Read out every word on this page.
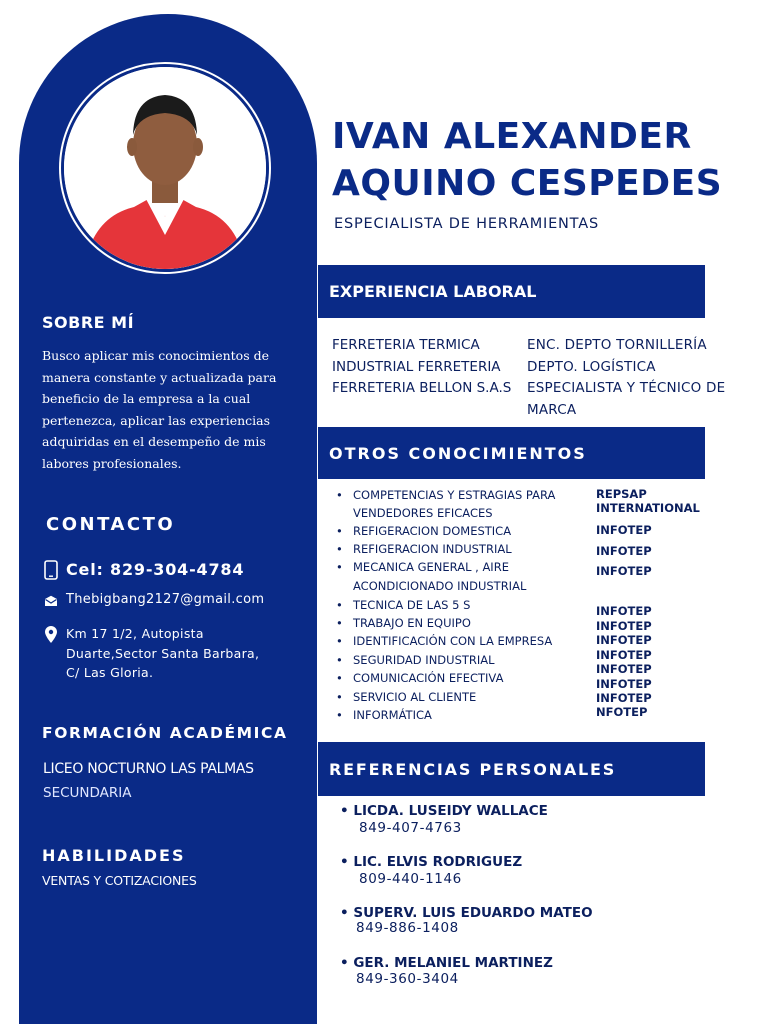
SOBRE MÍ
Busco aplicar mis conocimientos de manera constante y actualizada para beneficio de la empresa a la cual pertenezca, aplicar las experiencias adquiridas en el desempeño de mis labores profesionales.
CONTACTO
Cel: 829-304-4784
Thebigbang2127@gmail.com
Km 17 1/2, Autopista
Duarte,Sector Santa Barbara,
C/ Las Gloria.
FORMACIÓN ACADÉMICA
LICEO NOCTURNO LAS PALMAS
SECUNDARIA
HABILIDADES
VENTAS Y COTIZACIONES
IVAN ALEXANDER
AQUINO CESPEDES
ESPECIALISTA DE HERRAMIENTAS
EXPERIENCIA LABORAL
FERRETERIA TERMICA
INDUSTRIAL FERRETERIA
FERRETERIA BELLON S.A.S
ENC. DEPTO TORNILLERÍA
DEPTO. LOGÍSTICA
ESPECIALISTA Y TÉCNICO DE
MARCA
OTROS CONOCIMIENTOS
• COMPETENCIAS Y ESTRAGIAS PARA
VENDEDORES EFICACES
• REFIGERACION DOMESTICA
• REFIGERACION INDUSTRIAL
• MECANICA GENERAL , AIRE
ACONDICIONADO INDUSTRIAL
• TECNICA DE LAS 5 S
• TRABAJO EN EQUIPO
• IDENTIFICACIÓN CON LA EMPRESA
• SEGURIDAD INDUSTRIAL
• COMUNICACIÓN EFECTIVA
• SERVICIO AL CLIENTE
• INFORMÁTICA
REPSAP
INTERNATIONAL
INFOTEP
INFOTEP
INFOTEP
INFOTEP
INFOTEP
INFOTEP
INFOTEP
INFOTEP
INFOTEP
INFOTEP
NFOTEP
REFERENCIAS PERSONALES
• LICDA. LUSEIDY WALLACE
849-407-4763
• LIC. ELVIS RODRIGUEZ
809-440-1146
• SUPERV. LUIS EDUARDO MATEO
849-886-1408
• GER. MELANIEL MARTINEZ
849-360-3404
